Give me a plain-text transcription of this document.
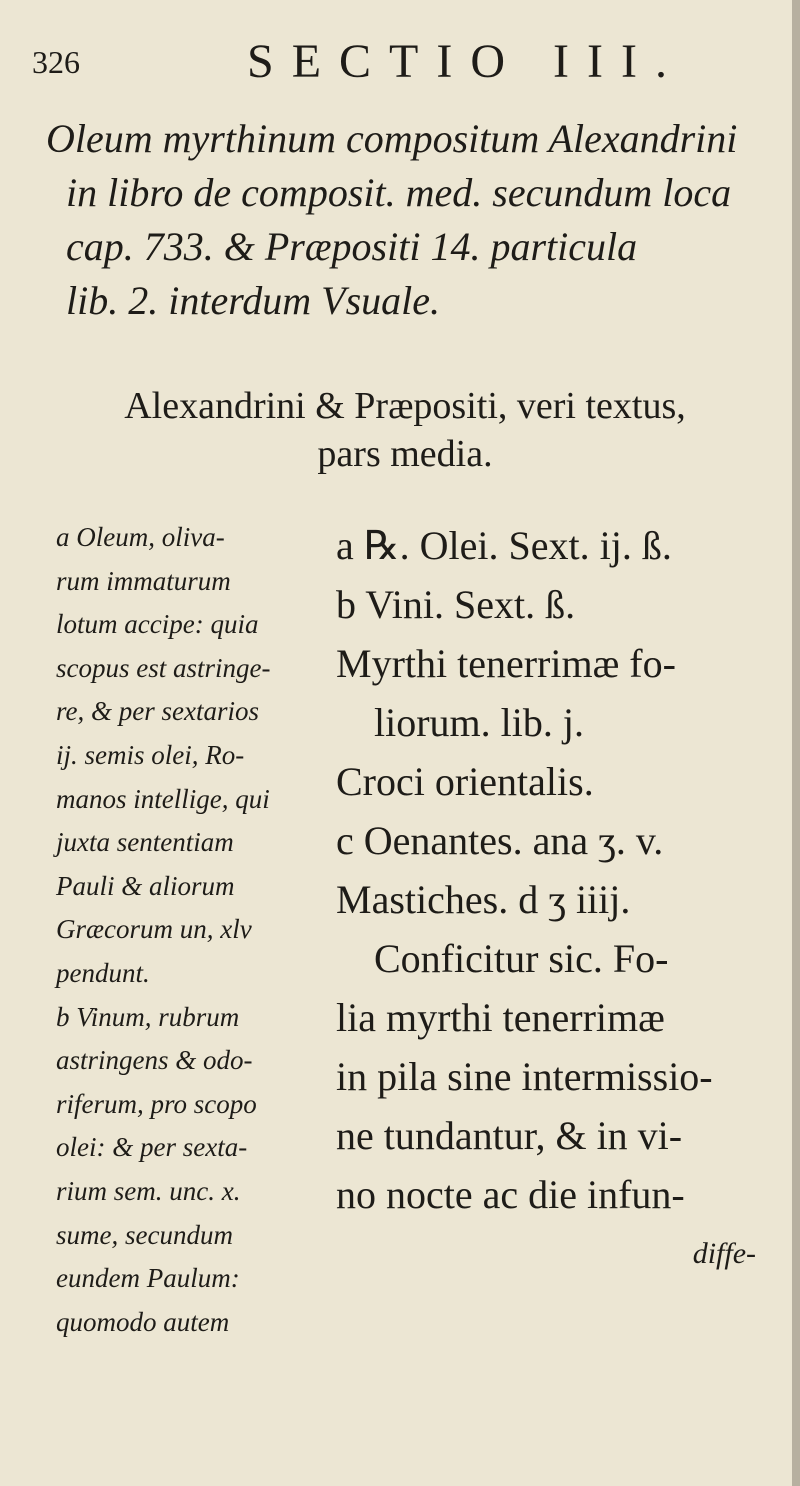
326	SECTIO III.
Oleum myrthinum compositum Alexandrini
in libro de composit. med. secundum loca
cap. 733. & Præpositi 14. particula
lib. 2. interdum Vsuale.
Alexandrini & Præpositi, veri textus,
pars media.
a Oleum, oliva-
rum immaturum
lotum accipe: quia
scopus est astringe-
re, & per sextarios
ij. semis olei, Ro-
manos intellige, qui
juxta sententiam
Pauli & aliorum
Græcorum un, xlv
pendunt.
b Vinum, rubrum
astringens & odo-
riferum, pro scopo
olei: & per sexta-
rium sem. unc. x.
sume, secundum
eundem Paulum:
quomodo autem
a ℞. Olei. Sext. ij. ß.
b Vini. Sext. ß.
Myrthi tenerrimæ fo-
liorum. lib. j.
Croci orientalis.
c Oenantes. ana ʒ. v.
Mastiches. d ʒ iiij.
Conficitur sic. Fo-
lia myrthi tenerrimæ
in pila sine intermissio-
ne tundantur, & in vi-
no nocte ac die infun-
diffe-
